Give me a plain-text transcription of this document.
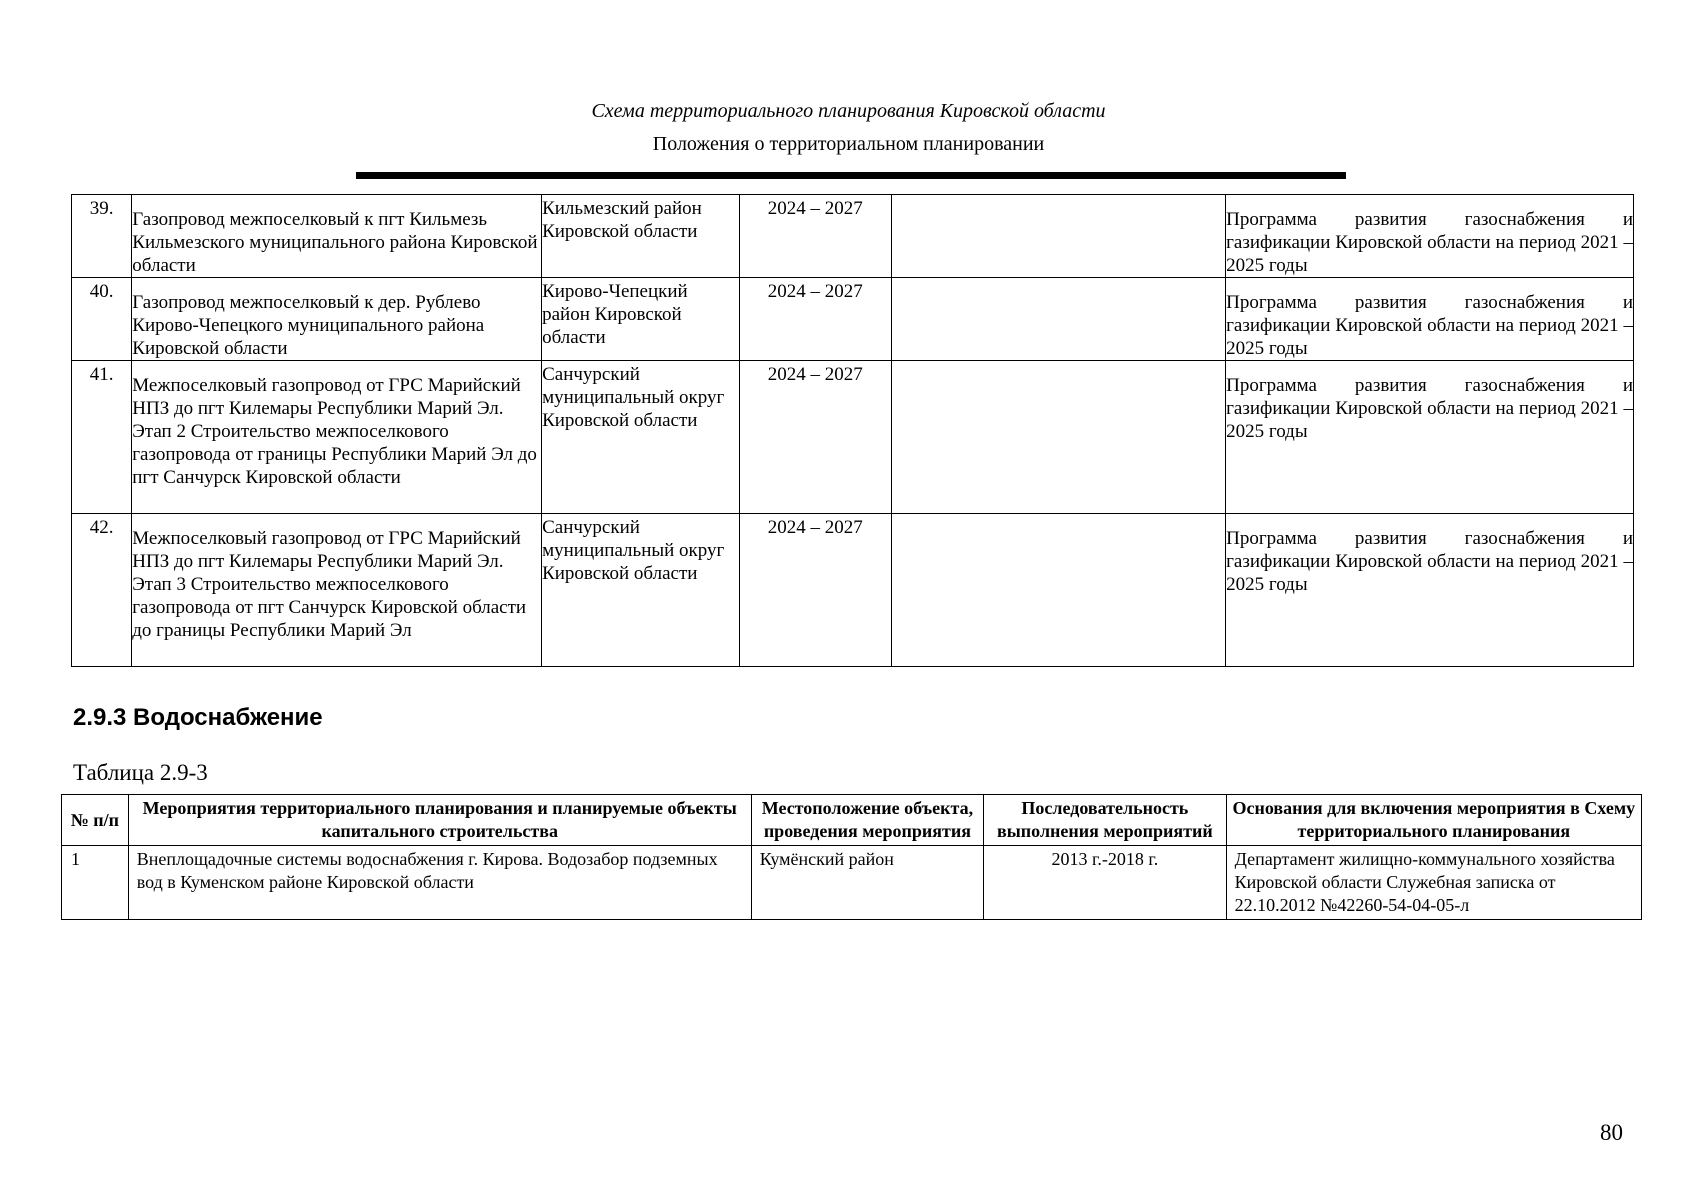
Схема территориального планирования Кировской области
Положения о территориальном планировании
39.	Газопровод межпоселковый к пгт Кильмезь Кильмезского муниципального района Кировской области	Кильмезский район Кировской области	2024 – 2027		Программа развития газоснабжения и газификации Кировской области на период 2021 – 2025 годы
40.	Газопровод межпоселковый к дер. Рублево Кирово-Чепецкого муниципального района Кировской области	Кирово-Чепецкий район Кировской области	2024 – 2027		Программа развития газоснабжения и газификации Кировской области на период 2021 – 2025 годы
41.	Межпоселковый газопровод от ГРС Марийский НПЗ до пгт Килемары Республики Марий Эл. Этап 2 Строительство межпоселкового газопровода от границы Республики Марий Эл до пгт Санчурск Кировской области	Санчурский муниципальный округ Кировской области	2024 – 2027		Программа развития газоснабжения и газификации Кировской области на период 2021 – 2025 годы
42.	Межпоселковый газопровод от ГРС Марийский НПЗ до пгт Килемары Республики Марий Эл. Этап 3 Строительство межпоселкового газопровода от пгт Санчурск Кировской области до границы Республики Марий Эл	Санчурский муниципальный округ Кировской области	2024 – 2027		Программа развития газоснабжения и газификации Кировской области на период 2021 – 2025 годы
2.9.3 Водоснабжение
Таблица 2.9-3
№ п/п	Мероприятия территориального планирования и планируемые объекты капитального строительства	Местоположение объекта, проведения мероприятия	Последовательность выполнения мероприятий	Основания для включения мероприятия в Схему территориального планирования
1	Внеплощадочные системы водоснабжения г. Кирова. Водозабор подземных вод в Куменском районе Кировской области	Кумёнский район	2013 г.-2018 г.	Департамент жилищно-коммунального хозяйства Кировской области Служебная записка от 22.10.2012 №42260-54-04-05-л
80
